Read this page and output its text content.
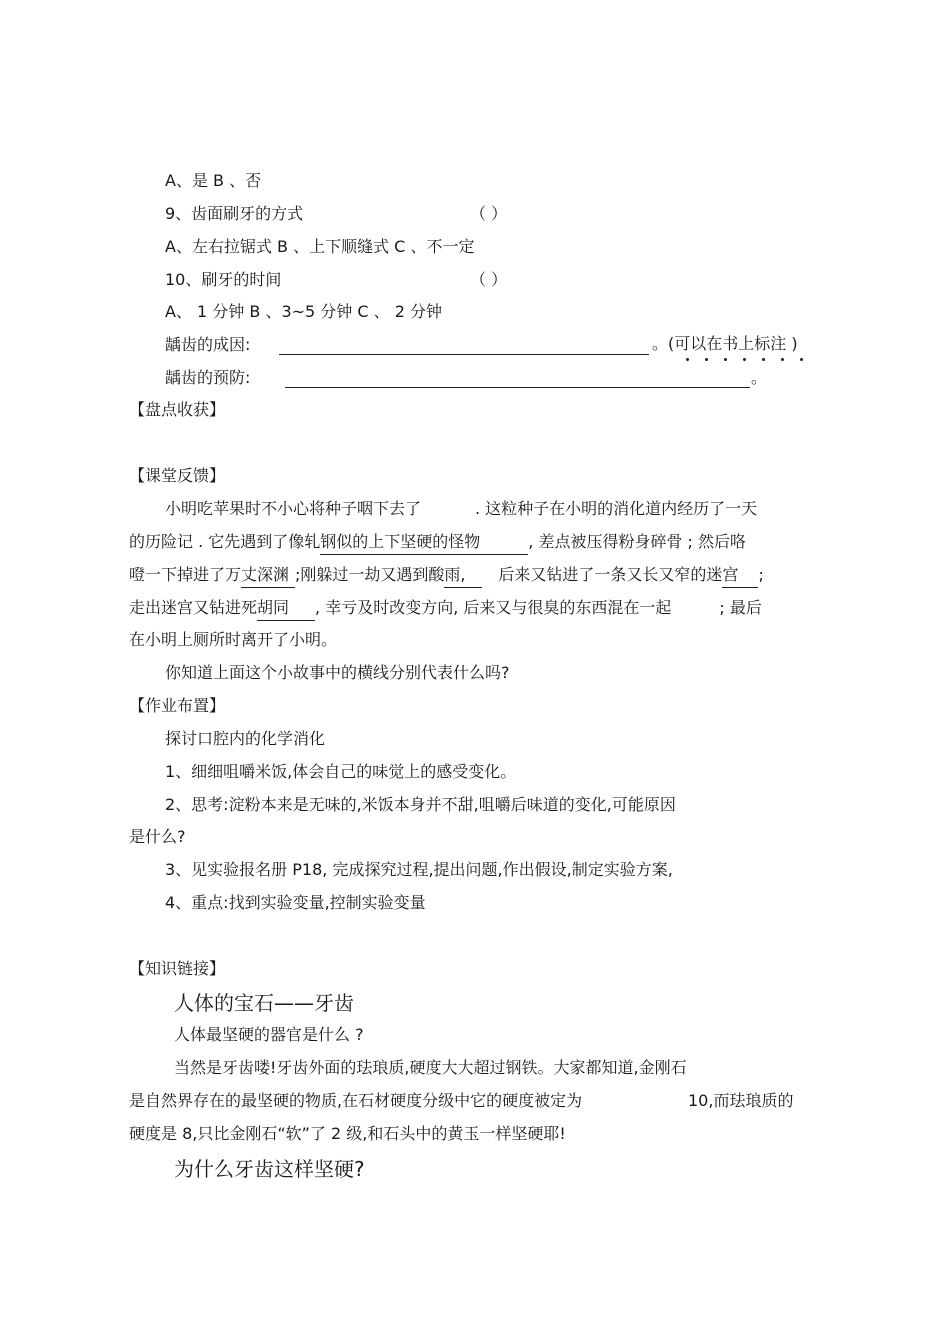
A、是 B 、否
9、齿面刷牙的方式	（ ）
A、左右拉锯式 B 、上下顺缝式 C 、不一定
10、刷牙的时间	（ ）
A、 1 分钟 B 、3~5 分钟 C 、 2 分钟
龋齿的成因:	。(可以在书上标注 )
龋齿的预防:	。
【盘点收获】
【课堂反馈】
小明吃苹果时不小心将种子咽下去了	. 这粒种子在小明的消化道内经历了一天
的历险记 . 它先遇到了像轧钢似的上下坚硬的怪物	, 差点被压得粉身碎骨 ; 然后咯
噔一下掉进了万丈深渊 ;刚躲过一劫又遇到酸雨, 后来又钻进了一条又长又窄的迷宫 ;
走出迷宫又钻进死胡同 , 幸亏及时改变方向, 后来又与很臭的东西混在一起	; 最后
在小明上厕所时离开了小明。
你知道上面这个小故事中的横线分别代表什么吗?
【作业布置】
探讨口腔内的化学消化
1、细细咀嚼米饭,体会自己的味觉上的感受变化。
2、思考:淀粉本来是无味的,米饭本身并不甜,咀嚼后味道的变化,可能原因
是什么?
3、见实验报名册 P18, 完成探究过程,提出问题,作出假设,制定实验方案,
4、重点:找到实验变量,控制实验变量
【知识链接】
人体的宝石——牙齿
人体最坚硬的器官是什么 ?
当然是牙齿喽!牙齿外面的珐琅质,硬度大大超过钢铁。大家都知道,金刚石
是自然界存在的最坚硬的物质,在石材硬度分级中它的硬度被定为	10,而珐琅质的
硬度是 8,只比金刚石“软”了 2 级,和石头中的黄玉一样坚硬耶!
为什么牙齿这样坚硬?
